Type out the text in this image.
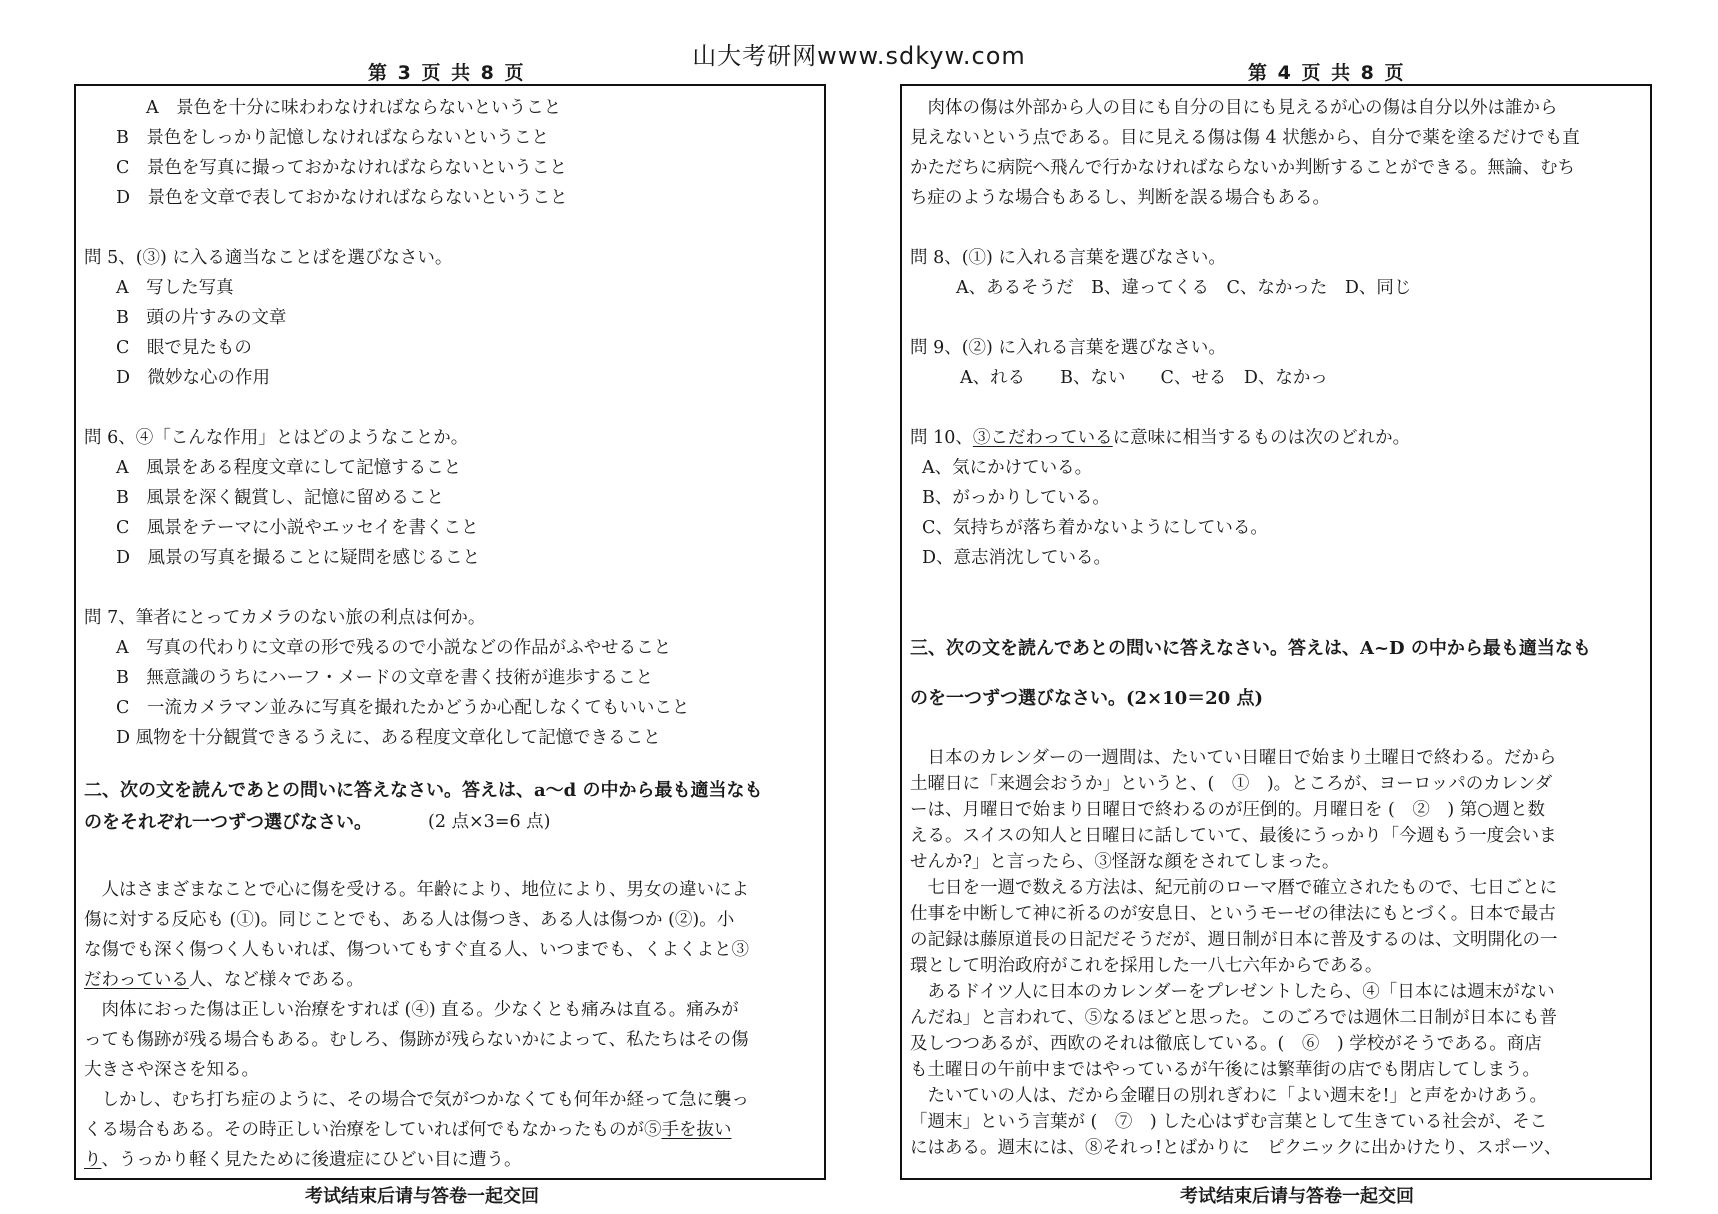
山大考研网www.sdkyw.com
第 3 页 共 8 页	第 4 页 共 8 页
A　景色を十分に味わわなければならないということ
B　景色をしっかり記憶しなければならないということ
C　景色を写真に撮っておかなければならないということ
D　景色を文章で表しておかなければならないということ
問 5、(③) に入る適当なことばを選びなさい。
A　写した写真
B　頭の片すみの文章
C　眼で見たもの
D　微妙な心の作用
問 6、④「こんな作用」とはどのようなことか。
A　風景をある程度文章にして記憶すること
B　風景を深く観賞し、記憶に留めること
C　風景をテーマに小説やエッセイを書くこと
D　風景の写真を撮ることに疑問を感じること
問 7、筆者にとってカメラのない旅の利点は何か。
A　写真の代わりに文章の形で残るので小説などの作品がふやせること
B　無意識のうちにハーフ・メードの文章を書く技術が進歩すること
C　一流カメラマン並みに写真を撮れたかどうか心配しなくてもいいこと
D 風物を十分観賞できるうえに、ある程度文章化して記憶できること
二、次の文を読んであとの問いに答えなさい。答えは、a～d の中から最も適当なも
のをそれぞれ一つずつ選びなさい。	(2 点×3=6 点)
　人はさまざまなことで心に傷を受ける。年齢により、地位により、男女の違いによ
傷に対する反応も (①)。同じことでも、ある人は傷つき、ある人は傷つか (②)。小
な傷でも深く傷つく人もいれば、傷ついてもすぐ直る人、いつまでも、くよくよと③
だわっている人、など様々である。
　肉体におった傷は正しい治療をすれば (④) 直る。少なくとも痛みは直る。痛みが
っても傷跡が残る場合もある。むしろ、傷跡が残らないかによって、私たちはその傷
大きさや深さを知る。
　しかし、むち打ち症のように、その場合で気がつかなくても何年か経って急に襲っ
くる場合もある。その時正しい治療をしていれば何でもなかったものが⑤手を抜い
り、うっかり軽く見たために後遺症にひどい目に遭う。
考试结束后请与答卷一起交回
　肉体の傷は外部から人の目にも自分の目にも見えるが心の傷は自分以外は誰から
見えないという点である。目に見える傷は傷 4 状態から、自分で薬を塗るだけでも直
かただちに病院へ飛んで行かなければならないか判断することができる。無論、むち
ち症のような場合もあるし、判断を誤る場合もある。
問 8、(①) に入れる言葉を選びなさい。
A、あるそうだ　B、違ってくる　C、なかった　D、同じ
問 9、(②) に入れる言葉を選びなさい。
A、れる　　B、ない　　C、せる　D、なかっ
問 10、③こだわっているに意味に相当するものは次のどれか。
A、気にかけている。
B、がっかりしている。
C、気持ちが落ち着かないようにしている。
D、意志消沈している。
三、次の文を読んであとの問いに答えなさい。答えは、A~D の中から最も適当なも
のを一つずつ選びなさい。(2×10＝20 点)
　日本のカレンダーの一週間は、たいてい日曜日で始まり土曜日で終わる。だから
土曜日に「来週会おうか」というと、(　①　)。ところが、ヨーロッパのカレンダ
ーは、月曜日で始まり日曜日で終わるのが圧倒的。月曜日を (　②　) 第○週と数
える。スイスの知人と日曜日に話していて、最後にうっかり「今週もう一度会いま
せんか?」と言ったら、③怪訝な顔をされてしまった。
　七日を一週で数える方法は、紀元前のローマ暦で確立されたもので、七日ごとに
仕事を中断して神に祈るのが安息日、というモーゼの律法にもとづく。日本で最古
の記録は藤原道長の日記だそうだが、週日制が日本に普及するのは、文明開化の一
環として明治政府がこれを採用した一八七六年からである。
　あるドイツ人に日本のカレンダーをプレゼントしたら、④「日本には週末がない
んだね」と言われて、⑤なるほどと思った。このごろでは週休二日制が日本にも普
及しつつあるが、西欧のそれは徹底している。(　⑥　) 学校がそうである。商店
も土曜日の午前中まではやっているが午後には繁華街の店でも閉店してしまう。
　たいていの人は、だから金曜日の別れぎわに「よい週末を!」と声をかけあう。
「週末」という言葉が (　⑦　) した心はずむ言葉として生きている社会が、そこ
にはある。週末には、⑧それっ!とばかりに　ピクニックに出かけたり、スポーツ、
考试结束后请与答卷一起交回
